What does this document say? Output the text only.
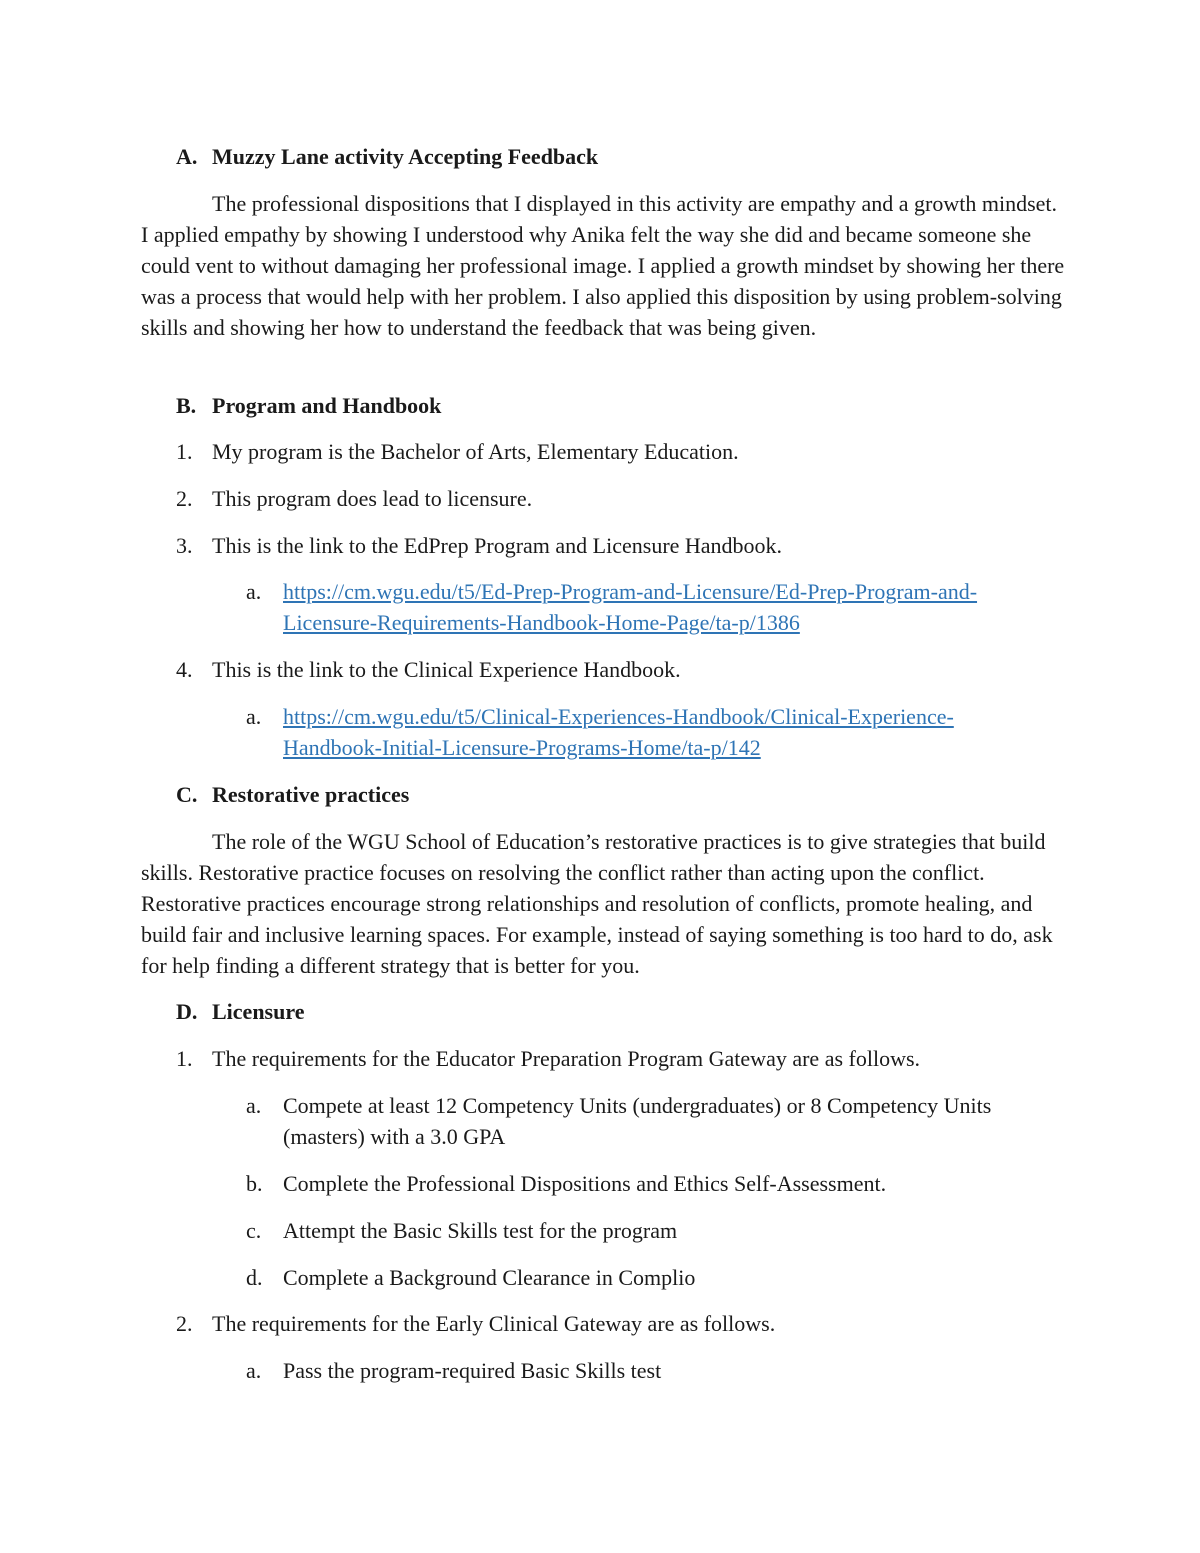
A. Muzzy Lane activity Accepting Feedback
The professional dispositions that I displayed in this activity are empathy and a growth mindset. I applied empathy by showing I understood why Anika felt the way she did and became someone she could vent to without damaging her professional image. I applied a growth mindset by showing her there was a process that would help with her problem. I also applied this disposition by using problem-solving skills and showing her how to understand the feedback that was being given.
B. Program and Handbook
1. My program is the Bachelor of Arts, Elementary Education.
2. This program does lead to licensure.
3. This is the link to the EdPrep Program and Licensure Handbook.
a. https://cm.wgu.edu/t5/Ed-Prep-Program-and-Licensure/Ed-Prep-Program-and-
Licensure-Requirements-Handbook-Home-Page/ta-p/1386
4. This is the link to the Clinical Experience Handbook.
a. https://cm.wgu.edu/t5/Clinical-Experiences-Handbook/Clinical-Experience-
Handbook-Initial-Licensure-Programs-Home/ta-p/142
C. Restorative practices
The role of the WGU School of Education’s restorative practices is to give strategies that build skills. Restorative practice focuses on resolving the conflict rather than acting upon the conflict. Restorative practices encourage strong relationships and resolution of conflicts, promote healing, and build fair and inclusive learning spaces. For example, instead of saying something is too hard to do, ask for help finding a different strategy that is better for you.
D. Licensure
1. The requirements for the Educator Preparation Program Gateway are as follows.
a. Compete at least 12 Competency Units (undergraduates) or 8 Competency Units
(masters) with a 3.0 GPA
b. Complete the Professional Dispositions and Ethics Self-Assessment.
c. Attempt the Basic Skills test for the program
d. Complete a Background Clearance in Complio
2. The requirements for the Early Clinical Gateway are as follows.
a. Pass the program-required Basic Skills test
